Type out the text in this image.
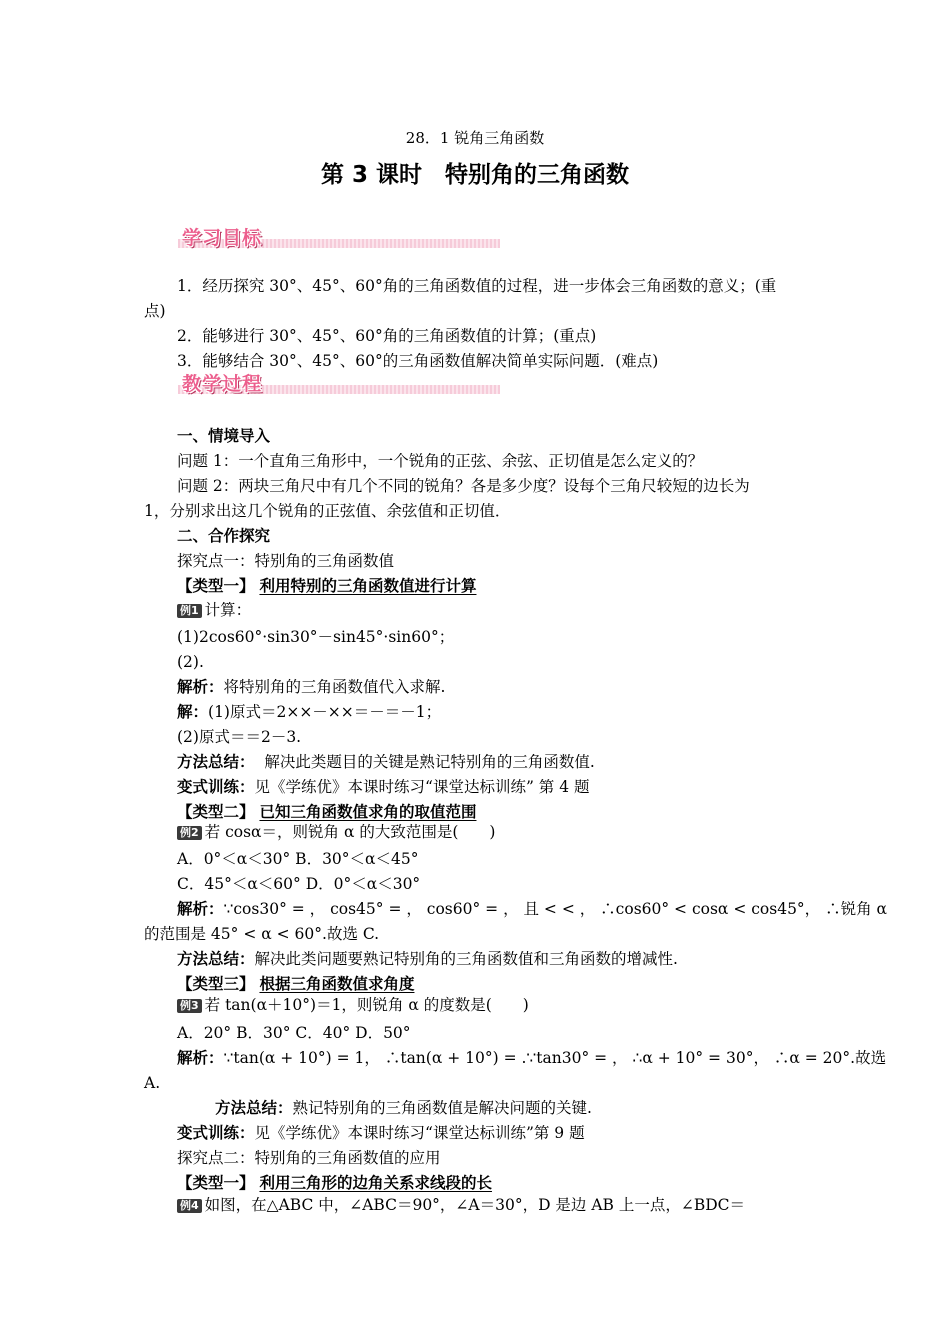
28．1 锐角三角函数
第 3 课时　特别角的三角函数
学习目标
1．经历探究 30°、45°、60°角的三角函数值的过程，进一步体会三角函数的意义；(重
点)
2．能够进行 30°、45°、60°角的三角函数值的计算；(重点)
3．能够结合 30°、45°、60°的三角函数值解决简单实际问题．(难点)
教学过程
一、情境导入
问题 1：一个直角三角形中，一个锐角的正弦、余弦、正切值是怎么定义的？
问题 2：两块三角尺中有几个不同的锐角？各是多少度？设每个三角尺较短的边长为
1，分别求出这几个锐角的正弦值、余弦值和正切值．
二、合作探究
探究点一：特别角的三角函数值
【类型一】 利用特别的三角函数值进行计算
例1 计算：
(1)2cos60°·sin30°－sin45°·sin60°；
(2).
解析：将特别角的三角函数值代入求解.
解：(1)原式＝2××－××＝－＝－1；
(2)原式＝＝2－3.
方法总结：  解决此类题目的关键是熟记特别角的三角函数值.
变式训练：见《学练优》本课时练习“课堂达标训练” 第 4 题
【类型二】 已知三角函数值求角的取值范围
例2 若 cosα＝，则锐角 α 的大致范围是(　　)
A．0°＜α＜30° B．30°＜α＜45°
C．45°＜α＜60° D．0°＜α＜30°
解析：∵cos30° = ， cos45° = ， cos60° = ， 且 < < ， ∴cos60° < cosα < cos45°， ∴锐角 α
的范围是 45° < α < 60°.故选 C.
方法总结：解决此类问题要熟记特别角的三角函数值和三角函数的增减性.
【类型三】 根据三角函数值求角度
例3 若 tan(α＋10°)＝1，则锐角 α 的度数是(　　)
A．20° B．30° C．40° D．50°
解析：∵tan(α + 10°) = 1， ∴tan(α + 10°) = .∵tan30° = ， ∴α + 10° = 30°， ∴α = 20°.故选
A.
方法总结：熟记特别角的三角函数值是解决问题的关键.
变式训练：见《学练优》本课时练习“课堂达标训练”第 9 题
探究点二：特别角的三角函数值的应用
【类型一】 利用三角形的边角关系求线段的长
例4 如图，在△ABC 中，∠ABC＝90°，∠A＝30°，D 是边 AB 上一点，∠BDC＝
